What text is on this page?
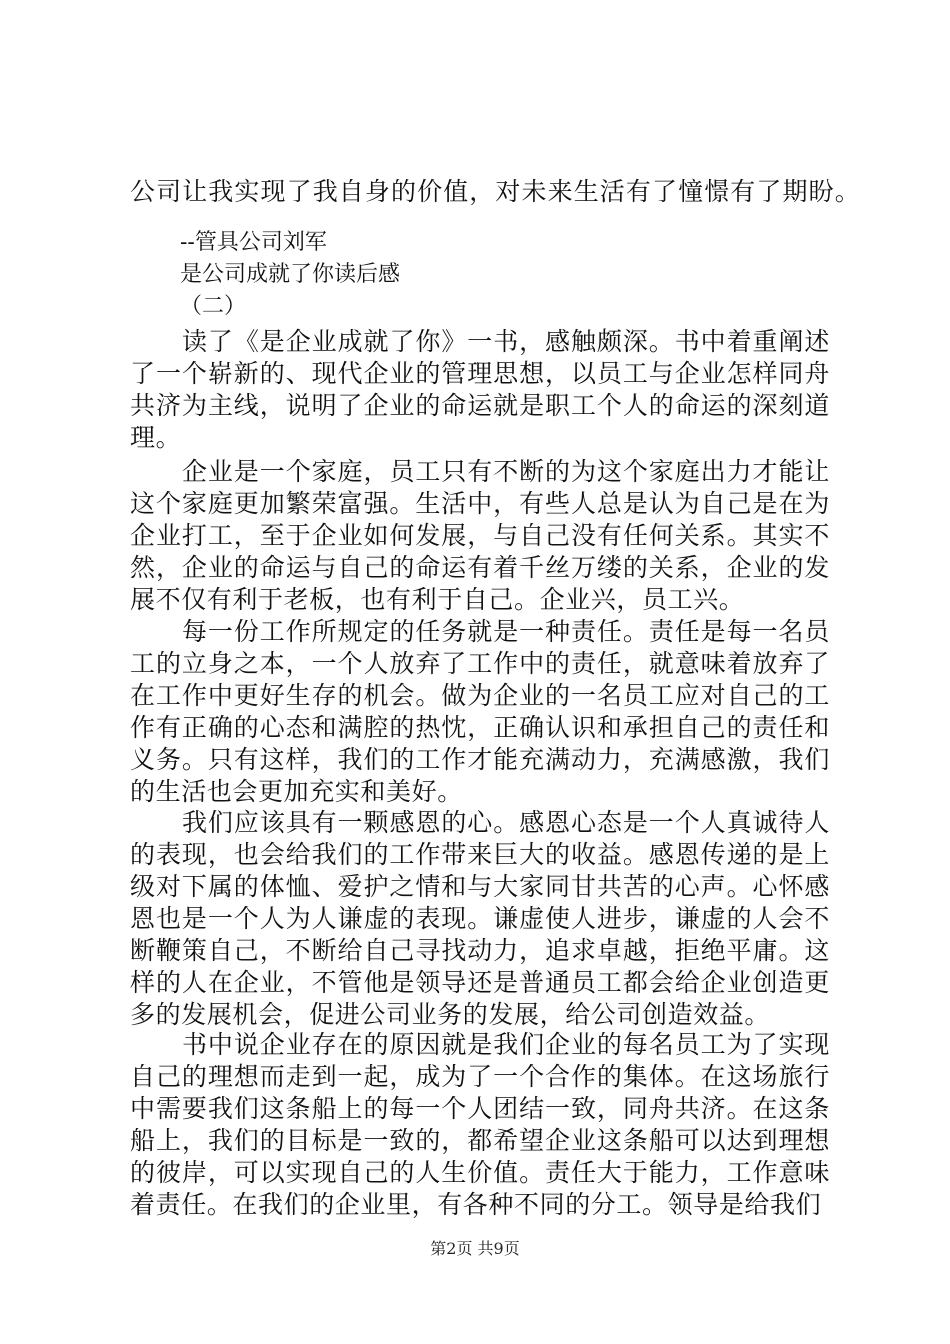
公司让我实现了我自身的价值，对未来生活有了憧憬有了期盼。
--管具公司刘军
是公司成就了你读后感
（二）

读了《是企业成就了你》一书，感触颇深。书中着重阐述了一个崭新的、现代企业的管理思想，以员工与企业怎样同舟共济为主线，说明了企业的命运就是职工个人的命运的深刻道理。

企业是一个家庭，员工只有不断的为这个家庭出力才能让这个家庭更加繁荣富强。生活中，有些人总是认为自己是在为企业打工，至于企业如何发展，与自己没有任何关系。其实不然，企业的命运与自己的命运有着千丝万缕的关系，企业的发展不仅有利于老板，也有利于自己。企业兴，员工兴。

每一份工作所规定的任务就是一种责任。责任是每一名员工的立身之本，一个人放弃了工作中的责任，就意味着放弃了在工作中更好生存的机会。做为企业的一名员工应对自己的工作有正确的心态和满腔的热忱，正确认识和承担自己的责任和义务。只有这样，我们的工作才能充满动力，充满感激，我们的生活也会更加充实和美好。

我们应该具有一颗感恩的心。感恩心态是一个人真诚待人的表现，也会给我们的工作带来巨大的收益。感恩传递的是上级对下属的体恤、爱护之情和与大家同甘共苦的心声。心怀感恩也是一个人为人谦虚的表现。谦虚使人进步，谦虚的人会不断鞭策自己，不断给自己寻找动力，追求卓越，拒绝平庸。这样的人在企业，不管他是领导还是普通员工都会给企业创造更多的发展机会，促进公司业务的发展，给公司创造效益。

书中说企业存在的原因就是我们企业的每名员工为了实现自己的理想而走到一起，成为了一个合作的集体。在这场旅行中需要我们这条船上的每一个人团结一致，同舟共济。在这条船上，我们的目标是一致的，都希望企业这条船可以达到理想的彼岸，可以实现自己的人生价值。责任大于能力，工作意味着责任。在我们的企业里，有各种不同的分工。领导是给我们

第2页 共9页
